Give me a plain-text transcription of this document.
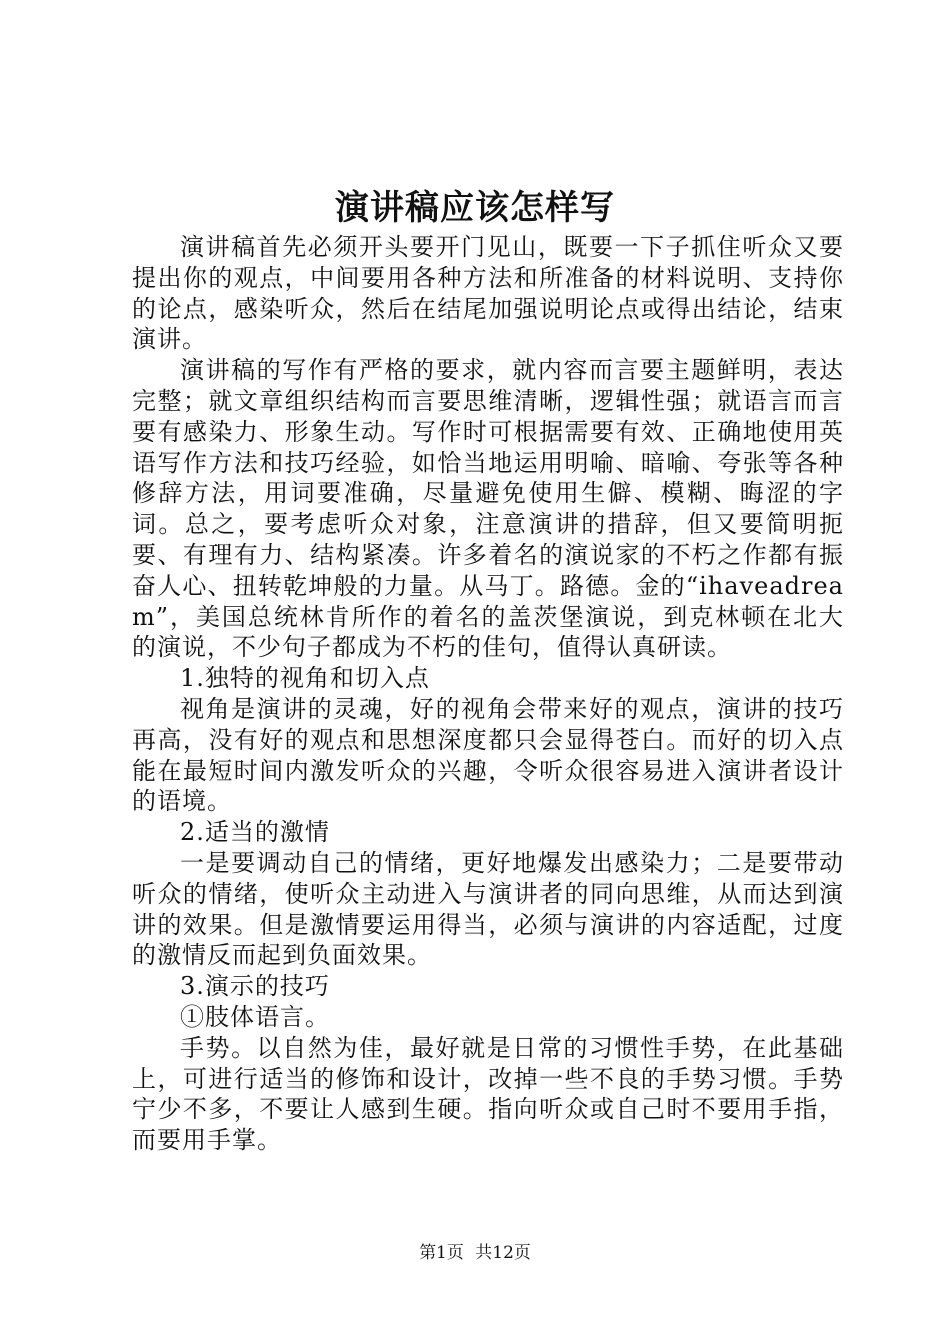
演讲稿应该怎样写

演讲稿首先必须开头要开门见山，既要一下子抓住听众又要提出你的观点，中间要用各种方法和所准备的材料说明、支持你的论点，感染听众，然后在结尾加强说明论点或得出结论，结束演讲。

演讲稿的写作有严格的要求，就内容而言要主题鲜明，表达完整；就文章组织结构而言要思维清晰，逻辑性强；就语言而言要有感染力、形象生动。写作时可根据需要有效、正确地使用英语写作方法和技巧经验，如恰当地运用明喻、暗喻、夸张等各种修辞方法，用词要准确，尽量避免使用生僻、模糊、晦涩的字词。总之，要考虑听众对象，注意演讲的措辞，但又要简明扼要、有理有力、结构紧凑。许多着名的演说家的不朽之作都有振奋人心、扭转乾坤般的力量。从马丁。路德。金的“ihaveadream”，美国总统林肯所作的着名的盖茨堡演说，到克林顿在北大的演说，不少句子都成为不朽的佳句，值得认真研读。

1.独特的视角和切入点

视角是演讲的灵魂，好的视角会带来好的观点，演讲的技巧再高，没有好的观点和思想深度都只会显得苍白。而好的切入点能在最短时间内激发听众的兴趣，令听众很容易进入演讲者设计的语境。

2.适当的激情

一是要调动自己的情绪，更好地爆发出感染力；二是要带动听众的情绪，使听众主动进入与演讲者的同向思维，从而达到演讲的效果。但是激情要运用得当，必须与演讲的内容适配，过度的激情反而起到负面效果。

3.演示的技巧

①肢体语言。

手势。以自然为佳，最好就是日常的习惯性手势，在此基础上，可进行适当的修饰和设计，改掉一些不良的手势习惯。手势宁少不多，不要让人感到生硬。指向听众或自己时不要用手指，而要用手掌。

第1页 共12页
